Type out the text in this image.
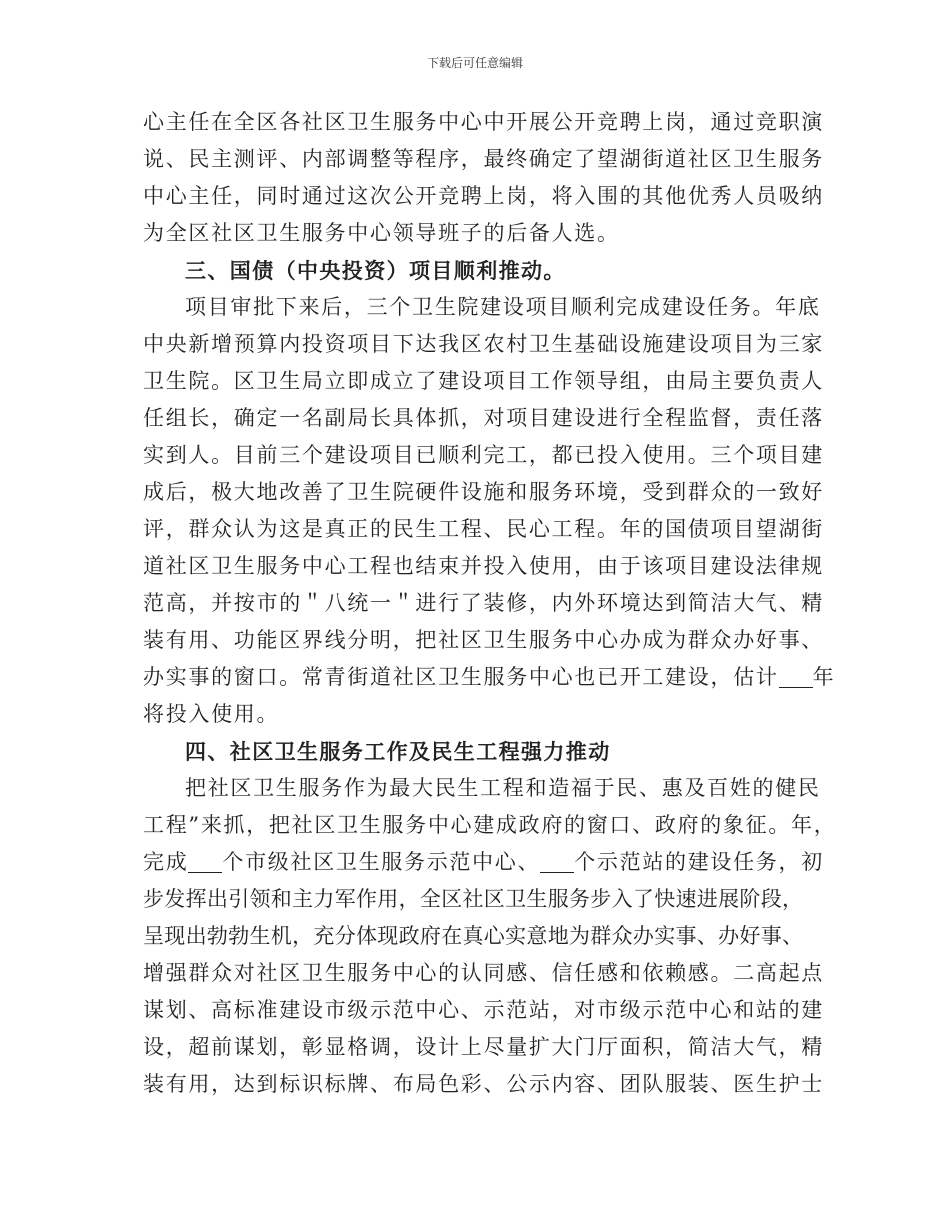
下载后可任意编辑
心主任在全区各社区卫生服务中心中开展公开竞聘上岗，通过竞职演
说、民主测评、内部调整等程序，最终确定了望湖街道社区卫生服务
中心主任，同时通过这次公开竞聘上岗，将入围的其他优秀人员吸纳
为全区社区卫生服务中心领导班子的后备人选。
三、国债（中央投资）项目顺利推动。
项目审批下来后，三个卫生院建设项目顺利完成建设任务。年底
中央新增预算内投资项目下达我区农村卫生基础设施建设项目为三家
卫生院。区卫生局立即成立了建设项目工作领导组，由局主要负责人
任组长，确定一名副局长具体抓，对项目建设进行全程监督，责任落
实到人。目前三个建设项目已顺利完工，都已投入使用。三个项目建
成后，极大地改善了卫生院硬件设施和服务环境，受到群众的一致好
评，群众认为这是真正的民生工程、民心工程。年的国债项目望湖街
道社区卫生服务中心工程也结束并投入使用，由于该项目建设法律规
范高，并按市的＂八统一＂进行了装修，内外环境达到简洁大气、精
装有用、功能区界线分明，把社区卫生服务中心办成为群众办好事、
办实事的窗口。常青街道社区卫生服务中心也已开工建设，估计 年
将投入使用。
四、社区卫生服务工作及民生工程强力推动
把社区卫生服务作为最大民生工程和造福于民、惠及百姓的健民
工程”来抓，把社区卫生服务中心建成政府的窗口、政府的象征。年，
完成 个市级社区卫生服务示范中心、 个示范站的建设任务，初
步发挥出引领和主力军作用，全区社区卫生服务步入了快速进展阶段，
呈现出勃勃生机，充分体现政府在真心实意地为群众办实事、办好事、
增强群众对社区卫生服务中心的认同感、信任感和依赖感。二高起点
谋划、高标准建设市级示范中心、示范站，对市级示范中心和站的建
设，超前谋划，彰显格调，设计上尽量扩大门厅面积，简洁大气，精
装有用，达到标识标牌、布局色彩、公示内容、团队服装、医生护士
